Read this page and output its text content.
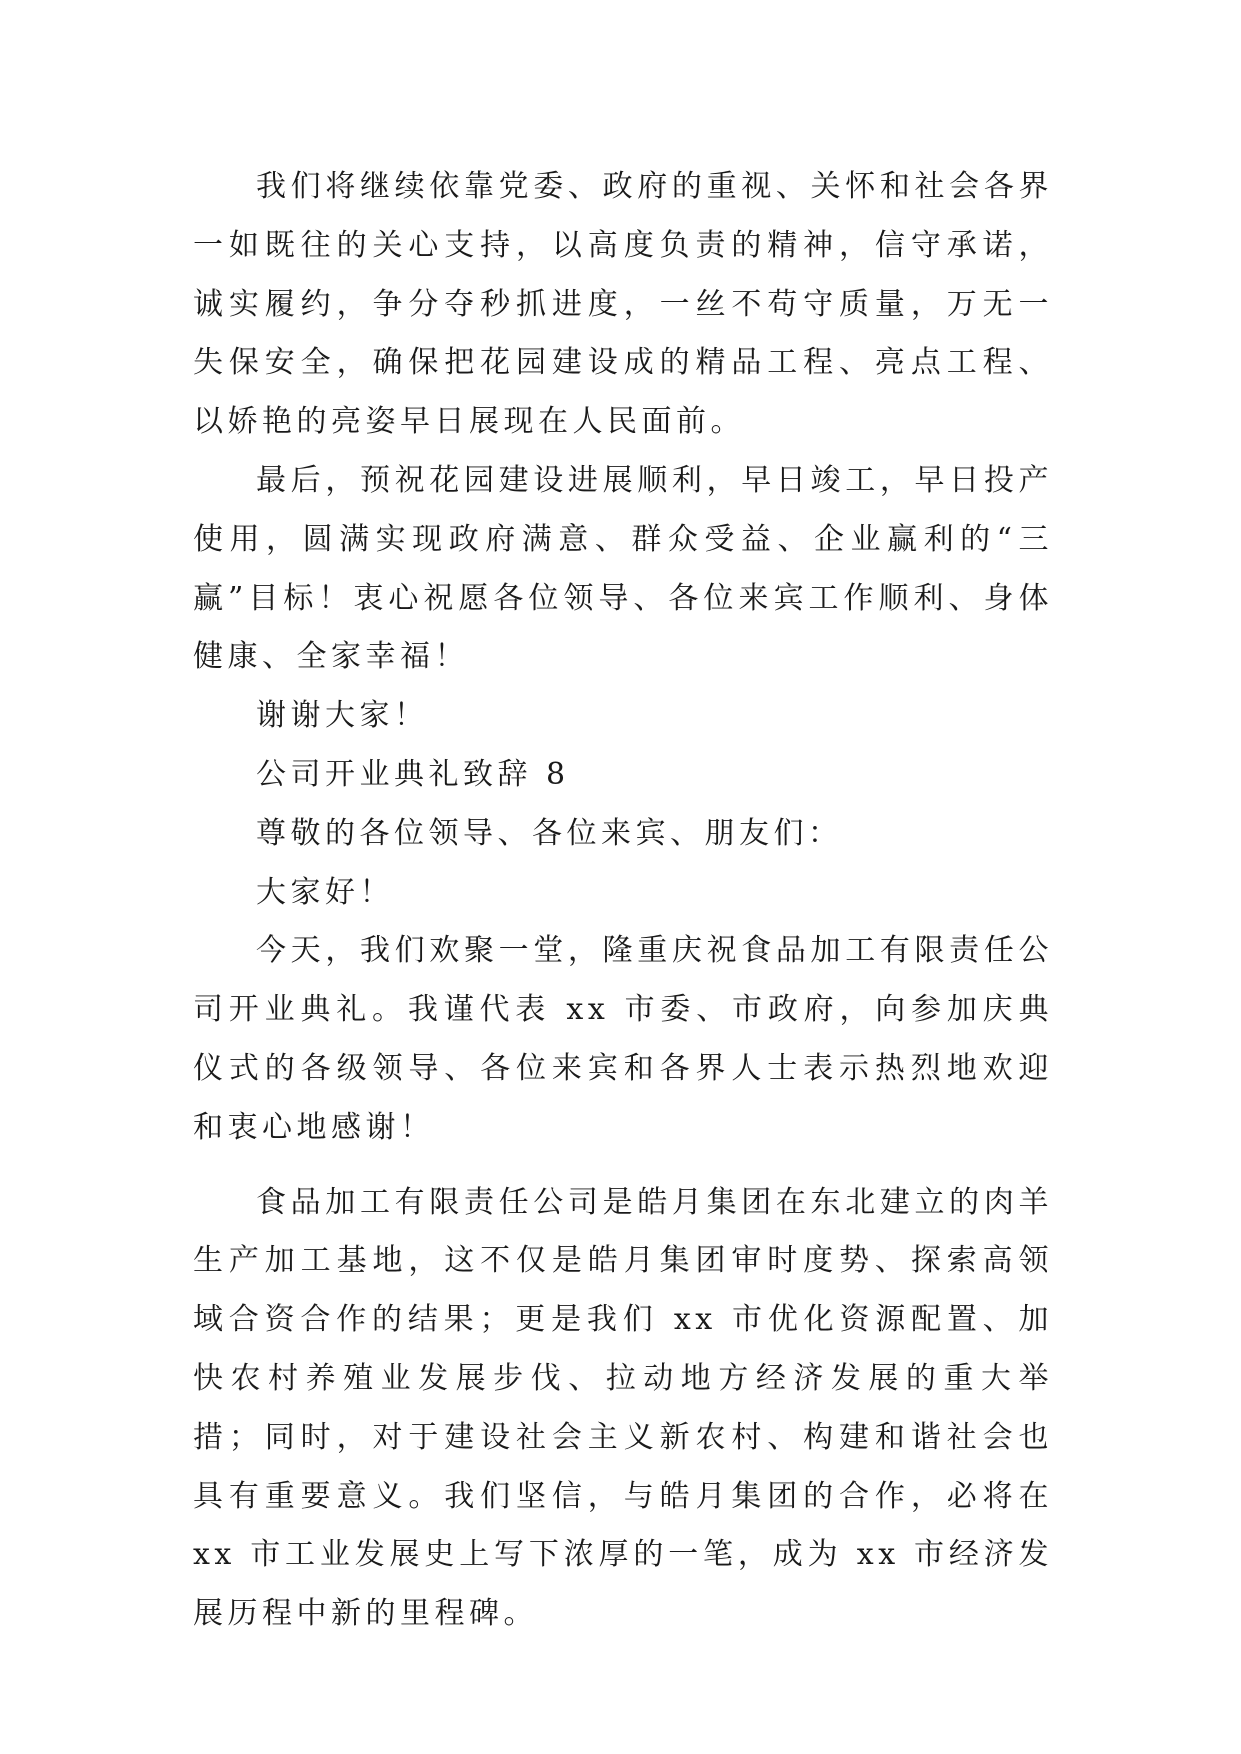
我们将继续依靠党委、政府的重视、关怀和社会各界一如既往的关心支持，以高度负责的精神，信守承诺，诚实履约，争分夺秒抓进度，一丝不苟守质量，万无一失保安全，确保把花园建设成的精品工程、亮点工程、以娇艳的亮姿早日展现在人民面前。

最后，预祝花园建设进展顺利，早日竣工，早日投产使用，圆满实现政府满意、群众受益、企业赢利的“三赢”目标！衷心祝愿各位领导、各位来宾工作顺利、身体健康、全家幸福！

谢谢大家！

公司开业典礼致辞 8

尊敬的各位领导、各位来宾、朋友们：

大家好！

今天，我们欢聚一堂，隆重庆祝食品加工有限责任公司开业典礼。我谨代表 xx 市委、市政府，向参加庆典仪式的各级领导、各位来宾和各界人士表示热烈地欢迎和衷心地感谢！

食品加工有限责任公司是皓月集团在东北建立的肉羊生产加工基地，这不仅是皓月集团审时度势、探索高领域合资合作的结果；更是我们 xx 市优化资源配置、加快农村养殖业发展步伐、拉动地方经济发展的重大举措；同时，对于建设社会主义新农村、构建和谐社会也具有重要意义。我们坚信，与皓月集团的合作，必将在 xx 市工业发展史上写下浓厚的一笔，成为 xx 市经济发展历程中新的里程碑。
